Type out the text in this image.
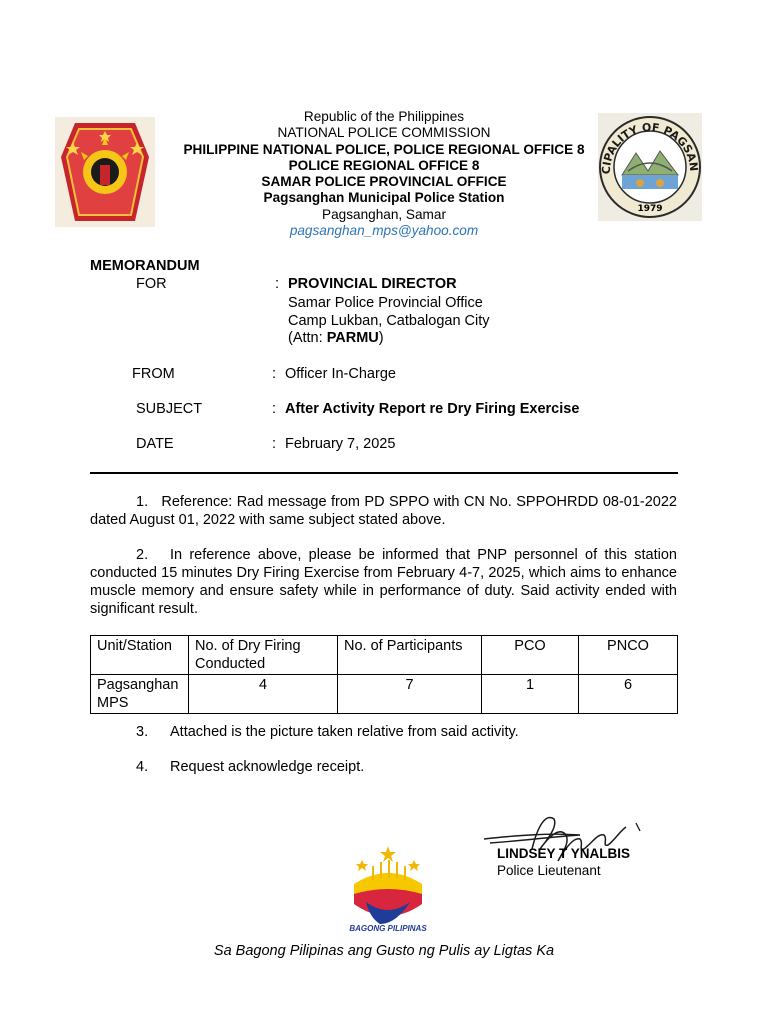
CIPALITY OF PAGSAN
1979
Republic of the Philippines
NATIONAL POLICE COMMISSION
PHILIPPINE NATIONAL POLICE, POLICE REGIONAL OFFICE 8
POLICE REGIONAL OFFICE 8
SAMAR POLICE PROVINCIAL OFFICE
Pagsanghan Municipal Police Station
Pagsanghan, Samar
pagsanghan_mps@yahoo.com
MEMORANDUM
FOR	: PROVINCIAL DIRECTOR
Samar Police Provincial Office
Camp Lukban, Catbalogan City
(Attn: PARMU)
FROM	: Officer In-Charge
SUBJECT	: After Activity Report re Dry Firing Exercise
DATE	: February 7, 2025
1.   Reference: Rad message from PD SPPO with CN No. SPPOHRDD 08-01-2022 dated August 01, 2022 with same subject stated above.
2.   In reference above, please be informed that PNP personnel of this station conducted 15 minutes Dry Firing Exercise from February 4-7, 2025, which aims to enhance muscle memory and ensure safety while in performance of duty. Said activity ended with significant result.
Unit/Station	No. of Dry Firing Conducted	No. of Participants	PCO	PNCO
Pagsanghan MPS	4	7	1	6
3. Attached is the picture taken relative from said activity.
4. Request acknowledge receipt.
LINDSEY T YNALBIS
Police Lieutenant
BAGONG PILIPINAS
Sa Bagong Pilipinas ang Gusto ng Pulis ay Ligtas Ka
